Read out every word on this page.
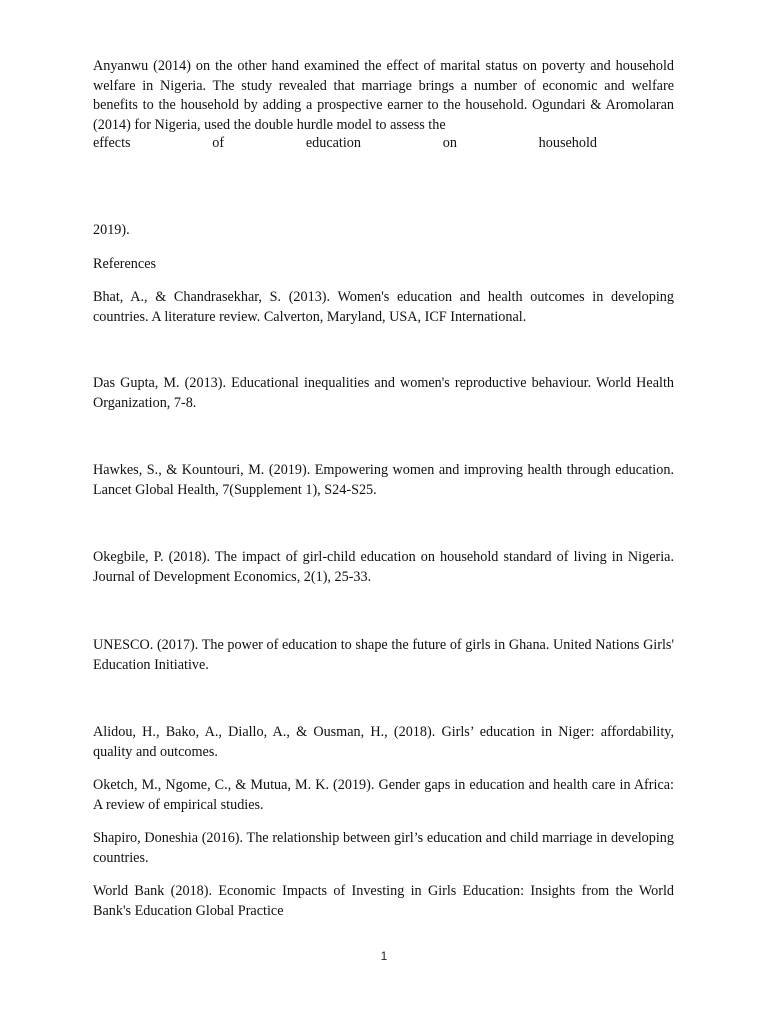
Anyanwu (2014) on the other hand examined the effect of marital status on poverty and household welfare in Nigeria. The study revealed that marriage brings a number of economic and welfare benefits to the household by adding a prospective earner to the household. Ogundari & Aromolaran (2014) for Nigeria, used the double hurdle model to assess the

effects	of	education	on	household

2019).

References

Bhat, A., & Chandrasekhar, S. (2013). Women's education and health outcomes in developing countries. A literature review. Calverton, Maryland, USA, ICF International.

Das Gupta, M. (2013). Educational inequalities and women's reproductive behaviour. World Health Organization, 7-8.

Hawkes, S., & Kountouri, M. (2019). Empowering women and improving health through education. Lancet Global Health, 7(Supplement 1), S24-S25.

Okegbile, P. (2018). The impact of girl-child education on household standard of living in Nigeria. Journal of Development Economics, 2(1), 25-33.

UNESCO. (2017). The power of education to shape the future of girls in Ghana. United Nations Girls' Education Initiative.

Alidou, H., Bako, A., Diallo, A., & Ousman, H., (2018). Girls’ education in Niger: affordability, quality and outcomes.

Oketch, M., Ngome, C., & Mutua, M. K. (2019). Gender gaps in education and health care in Africa: A review of empirical studies.

Shapiro, Doneshia (2016). The relationship between girl’s education and child marriage in developing countries.

World Bank (2018). Economic Impacts of Investing in Girls Education: Insights from the World Bank's Education Global Practice

1
